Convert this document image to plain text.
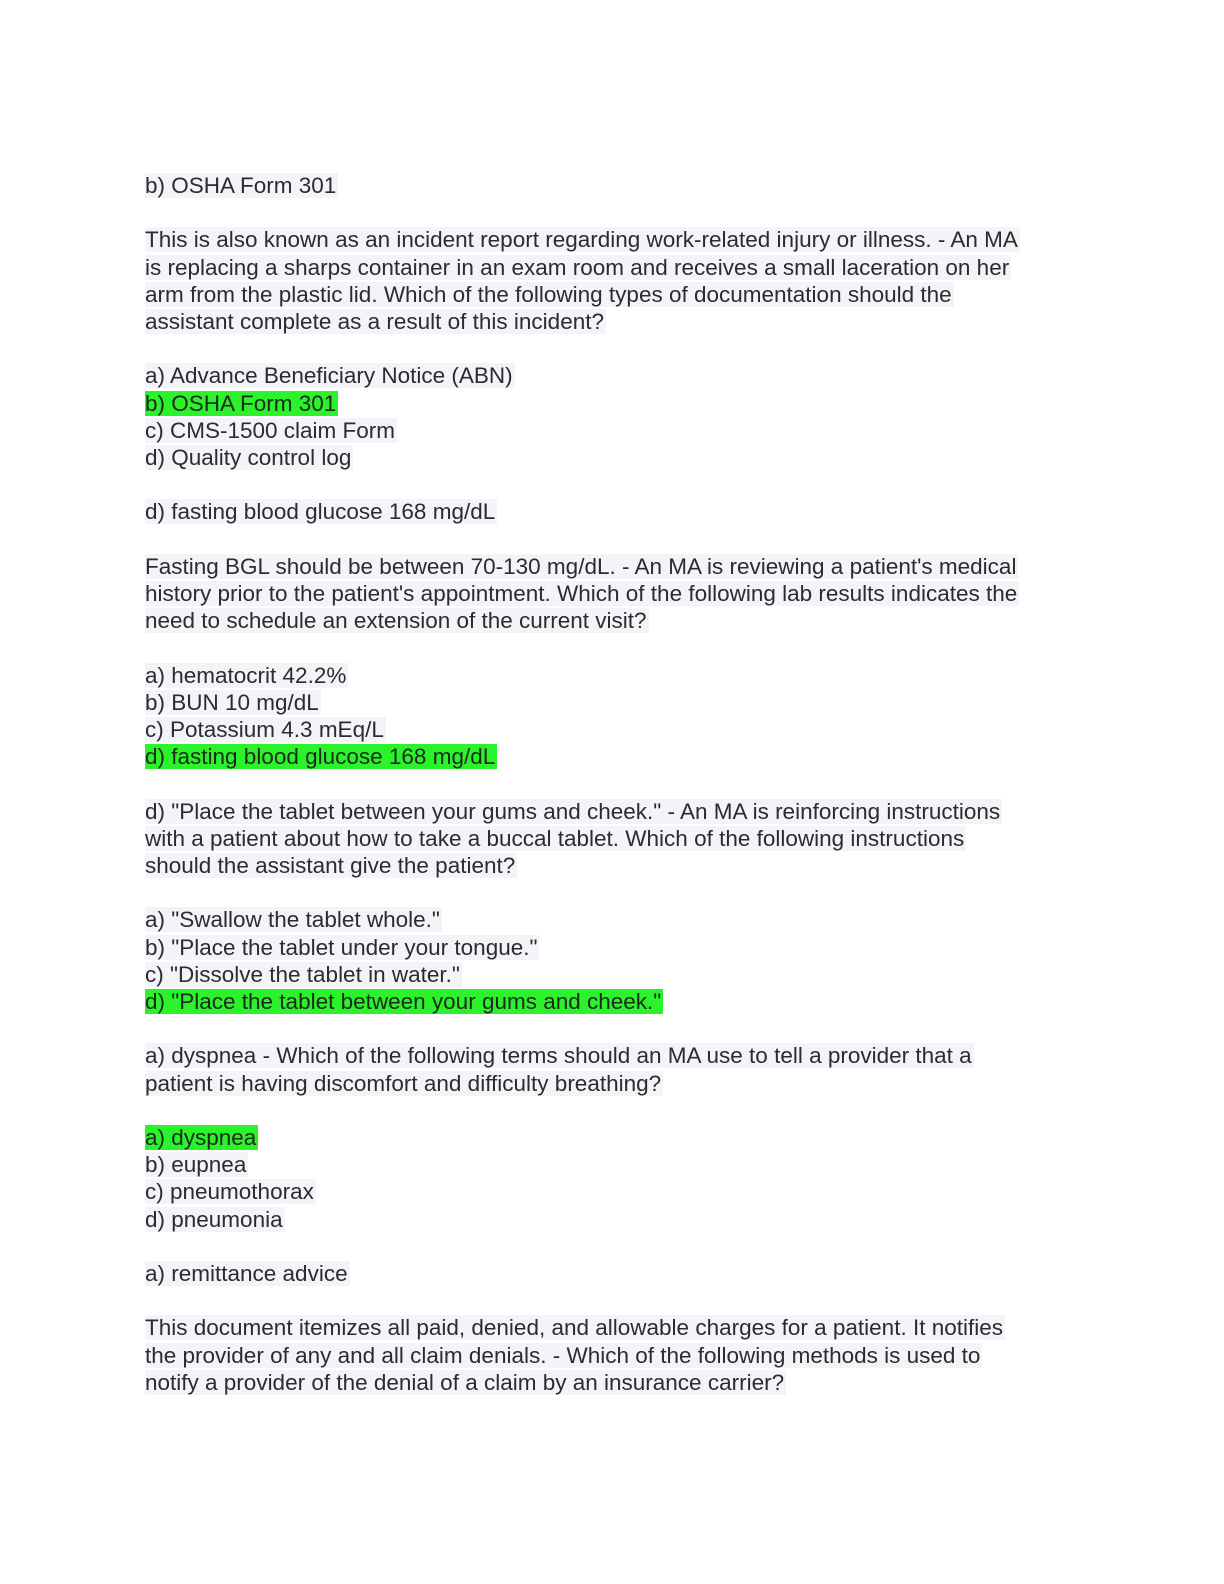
b) OSHA Form 301
This is also known as an incident report regarding work-related injury or illness. - An MA
is replacing a sharps container in an exam room and receives a small laceration on her
arm from the plastic lid. Which of the following types of documentation should the
assistant complete as a result of this incident?
a) Advance Beneficiary Notice (ABN)
b) OSHA Form 301
c) CMS-1500 claim Form
d) Quality control log
d) fasting blood glucose 168 mg/dL
Fasting BGL should be between 70-130 mg/dL. - An MA is reviewing a patient's medical
history prior to the patient's appointment. Which of the following lab results indicates the
need to schedule an extension of the current visit?
a) hematocrit 42.2%
b) BUN 10 mg/dL
c) Potassium 4.3 mEq/L
d) fasting blood glucose 168 mg/dL
d) "Place the tablet between your gums and cheek." - An MA is reinforcing instructions
with a patient about how to take a buccal tablet. Which of the following instructions
should the assistant give the patient?
a) "Swallow the tablet whole."
b) "Place the tablet under your tongue."
c) "Dissolve the tablet in water."
d) "Place the tablet between your gums and cheek."
a) dyspnea - Which of the following terms should an MA use to tell a provider that a
patient is having discomfort and difficulty breathing?
a) dyspnea
b) eupnea
c) pneumothorax
d) pneumonia
a) remittance advice
This document itemizes all paid, denied, and allowable charges for a patient. It notifies
the provider of any and all claim denials. - Which of the following methods is used to
notify a provider of the denial of a claim by an insurance carrier?
